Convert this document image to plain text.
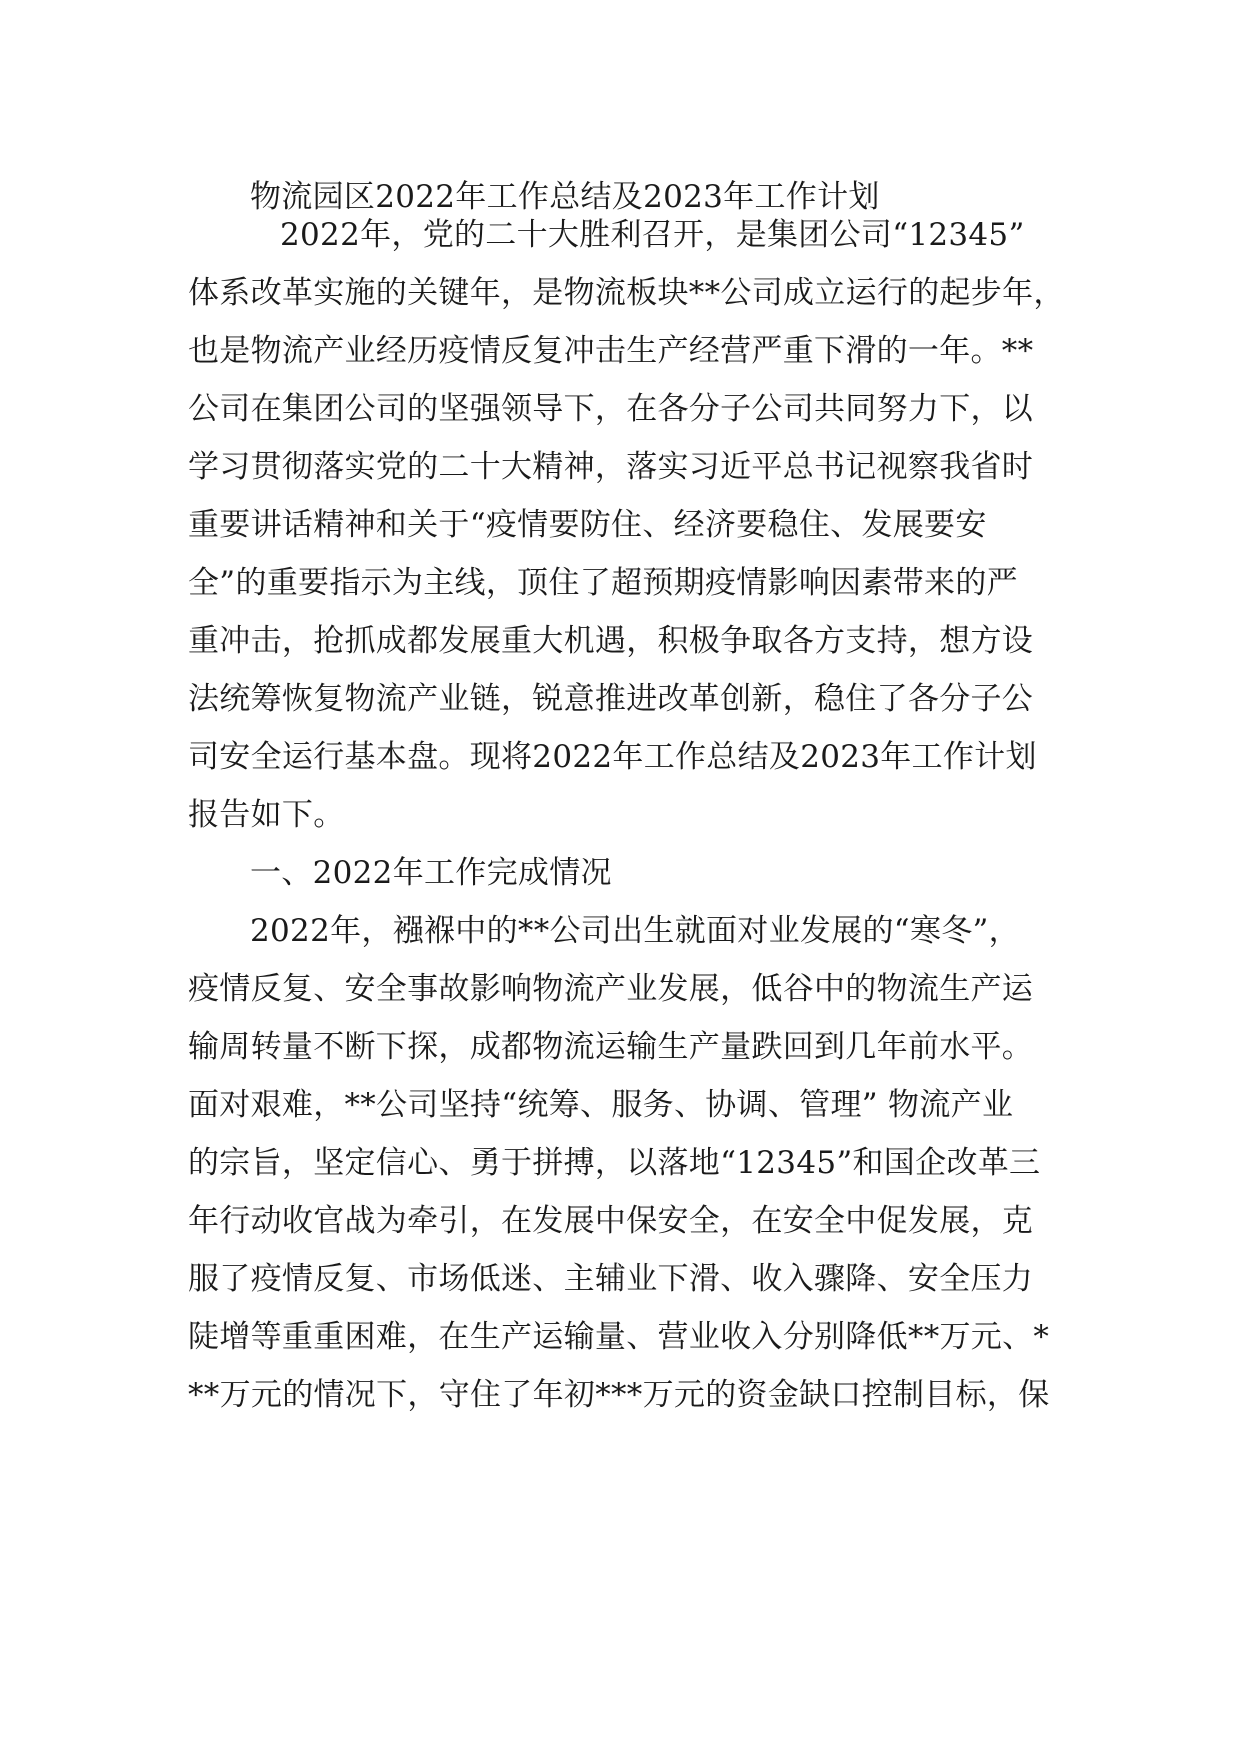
物流园区2022年工作总结及2023年工作计划
2022年，党的二十大胜利召开，是集团公司“12345”
体系改革实施的关键年，是物流板块**公司成立运行的起步年，
也是物流产业经历疫情反复冲击生产经营严重下滑的一年。**
公司在集团公司的坚强领导下，在各分子公司共同努力下，以
学习贯彻落实党的二十大精神，落实习近平总书记视察我省时
重要讲话精神和关于“疫情要防住、经济要稳住、发展要安
全”的重要指示为主线，顶住了超预期疫情影响因素带来的严
重冲击，抢抓成都发展重大机遇，积极争取各方支持，想方设
法统筹恢复物流产业链，锐意推进改革创新，稳住了各分子公
司安全运行基本盘。现将2022年工作总结及2023年工作计划
报告如下。
一、2022年工作完成情况
2022年，襁褓中的**公司出生就面对业发展的“寒冬”，
疫情反复、安全事故影响物流产业发展，低谷中的物流生产运
输周转量不断下探，成都物流运输生产量跌回到几年前水平。
面对艰难，**公司坚持“统筹、服务、协调、管理” 物流产业
的宗旨，坚定信心、勇于拼搏，以落地“12345”和国企改革三
年行动收官战为牵引，在发展中保安全，在安全中促发展，克
服了疫情反复、市场低迷、主辅业下滑、收入骤降、安全压力
陡增等重重困难，在生产运输量、营业收入分别降低**万元、*
**万元的情况下，守住了年初***万元的资金缺口控制目标，保
